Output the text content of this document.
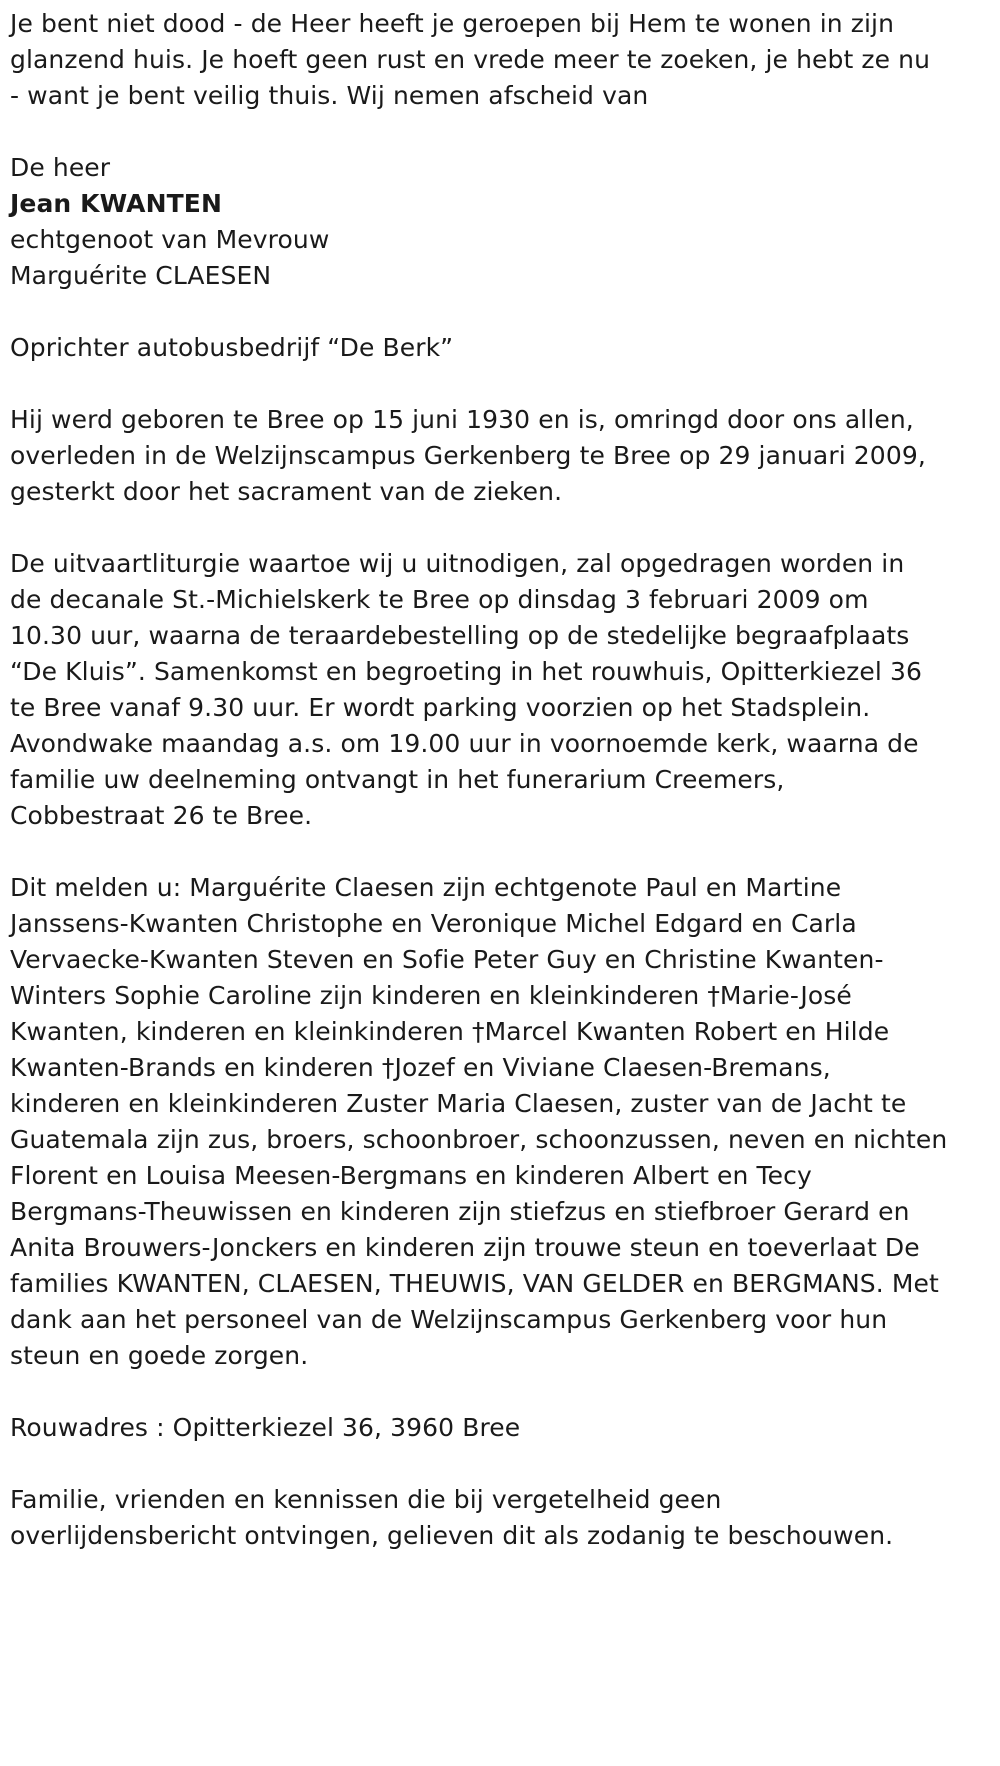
Je bent niet dood - de Heer heeft je geroepen bij Hem te wonen in zijn
glanzend huis. Je hoeft geen rust en vrede meer te zoeken, je hebt ze nu
- want je bent veilig thuis. Wij nemen afscheid van

De heer
Jean KWANTEN
echtgenoot van Mevrouw
Marguérite CLAESEN

Oprichter autobusbedrijf “De Berk”

Hij werd geboren te Bree op 15 juni 1930 en is, omringd door ons allen,
overleden in de Welzijnscampus Gerkenberg te Bree op 29 januari 2009,
gesterkt door het sacrament van de zieken.

De uitvaartliturgie waartoe wij u uitnodigen, zal opgedragen worden in
de decanale St.-Michielskerk te Bree op dinsdag 3 februari 2009 om
10.30 uur, waarna de teraardebestelling op de stedelijke begraafplaats
“De Kluis”. Samenkomst en begroeting in het rouwhuis, Opitterkiezel 36
te Bree vanaf 9.30 uur. Er wordt parking voorzien op het Stadsplein.
Avondwake maandag a.s. om 19.00 uur in voornoemde kerk, waarna de
familie uw deelneming ontvangt in het funerarium Creemers,
Cobbestraat 26 te Bree.

Dit melden u: Marguérite Claesen zijn echtgenote Paul en Martine
Janssens-Kwanten Christophe en Veronique Michel Edgard en Carla
Vervaecke-Kwanten Steven en Sofie Peter Guy en Christine Kwanten-
Winters Sophie Caroline zijn kinderen en kleinkinderen †Marie-José
Kwanten, kinderen en kleinkinderen †Marcel Kwanten Robert en Hilde
Kwanten-Brands en kinderen †Jozef en Viviane Claesen-Bremans,
kinderen en kleinkinderen Zuster Maria Claesen, zuster van de Jacht te
Guatemala zijn zus, broers, schoonbroer, schoonzussen, neven en nichten
Florent en Louisa Meesen-Bergmans en kinderen Albert en Tecy
Bergmans-Theuwissen en kinderen zijn stiefzus en stiefbroer Gerard en
Anita Brouwers-Jonckers en kinderen zijn trouwe steun en toeverlaat De
families KWANTEN, CLAESEN, THEUWIS, VAN GELDER en BERGMANS. Met
dank aan het personeel van de Welzijnscampus Gerkenberg voor hun
steun en goede zorgen.

Rouwadres : Opitterkiezel 36, 3960 Bree

Familie, vrienden en kennissen die bij vergetelheid geen
overlijdensbericht ontvingen, gelieven dit als zodanig te beschouwen.
